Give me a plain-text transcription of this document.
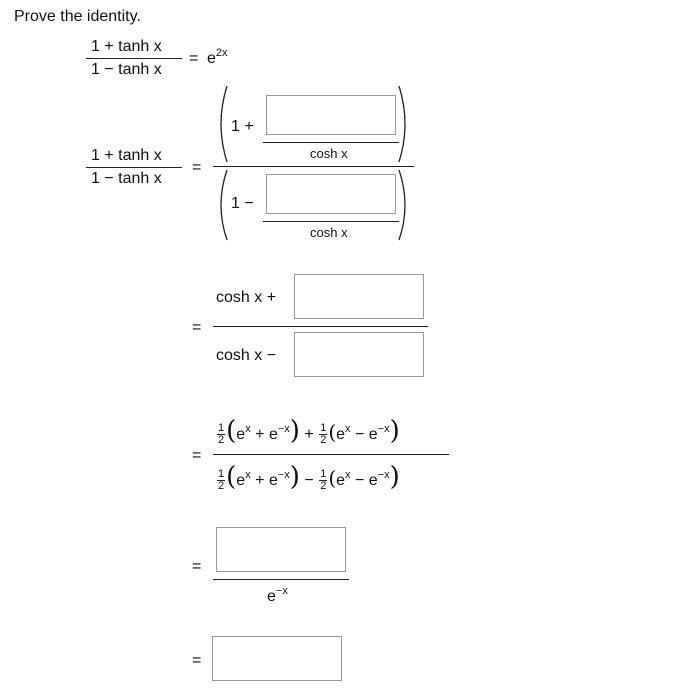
Prove the identity.
1 + tanh x
1 − tanh x
= $e^{2x}$
1 + tanh x
1 − tanh x
=
1 +
cosh x
1 −
cosh x
=
cosh x +
cosh x −
=
$\frac{1}{2} (e^x + e^{-x}) + \frac{1}{2} (e^x - e^{-x})$
$\frac{1}{2} (e^x + e^{-x}) - \frac{1}{2} (e^x - e^{-x})$
=
$e^{-x}$
=
